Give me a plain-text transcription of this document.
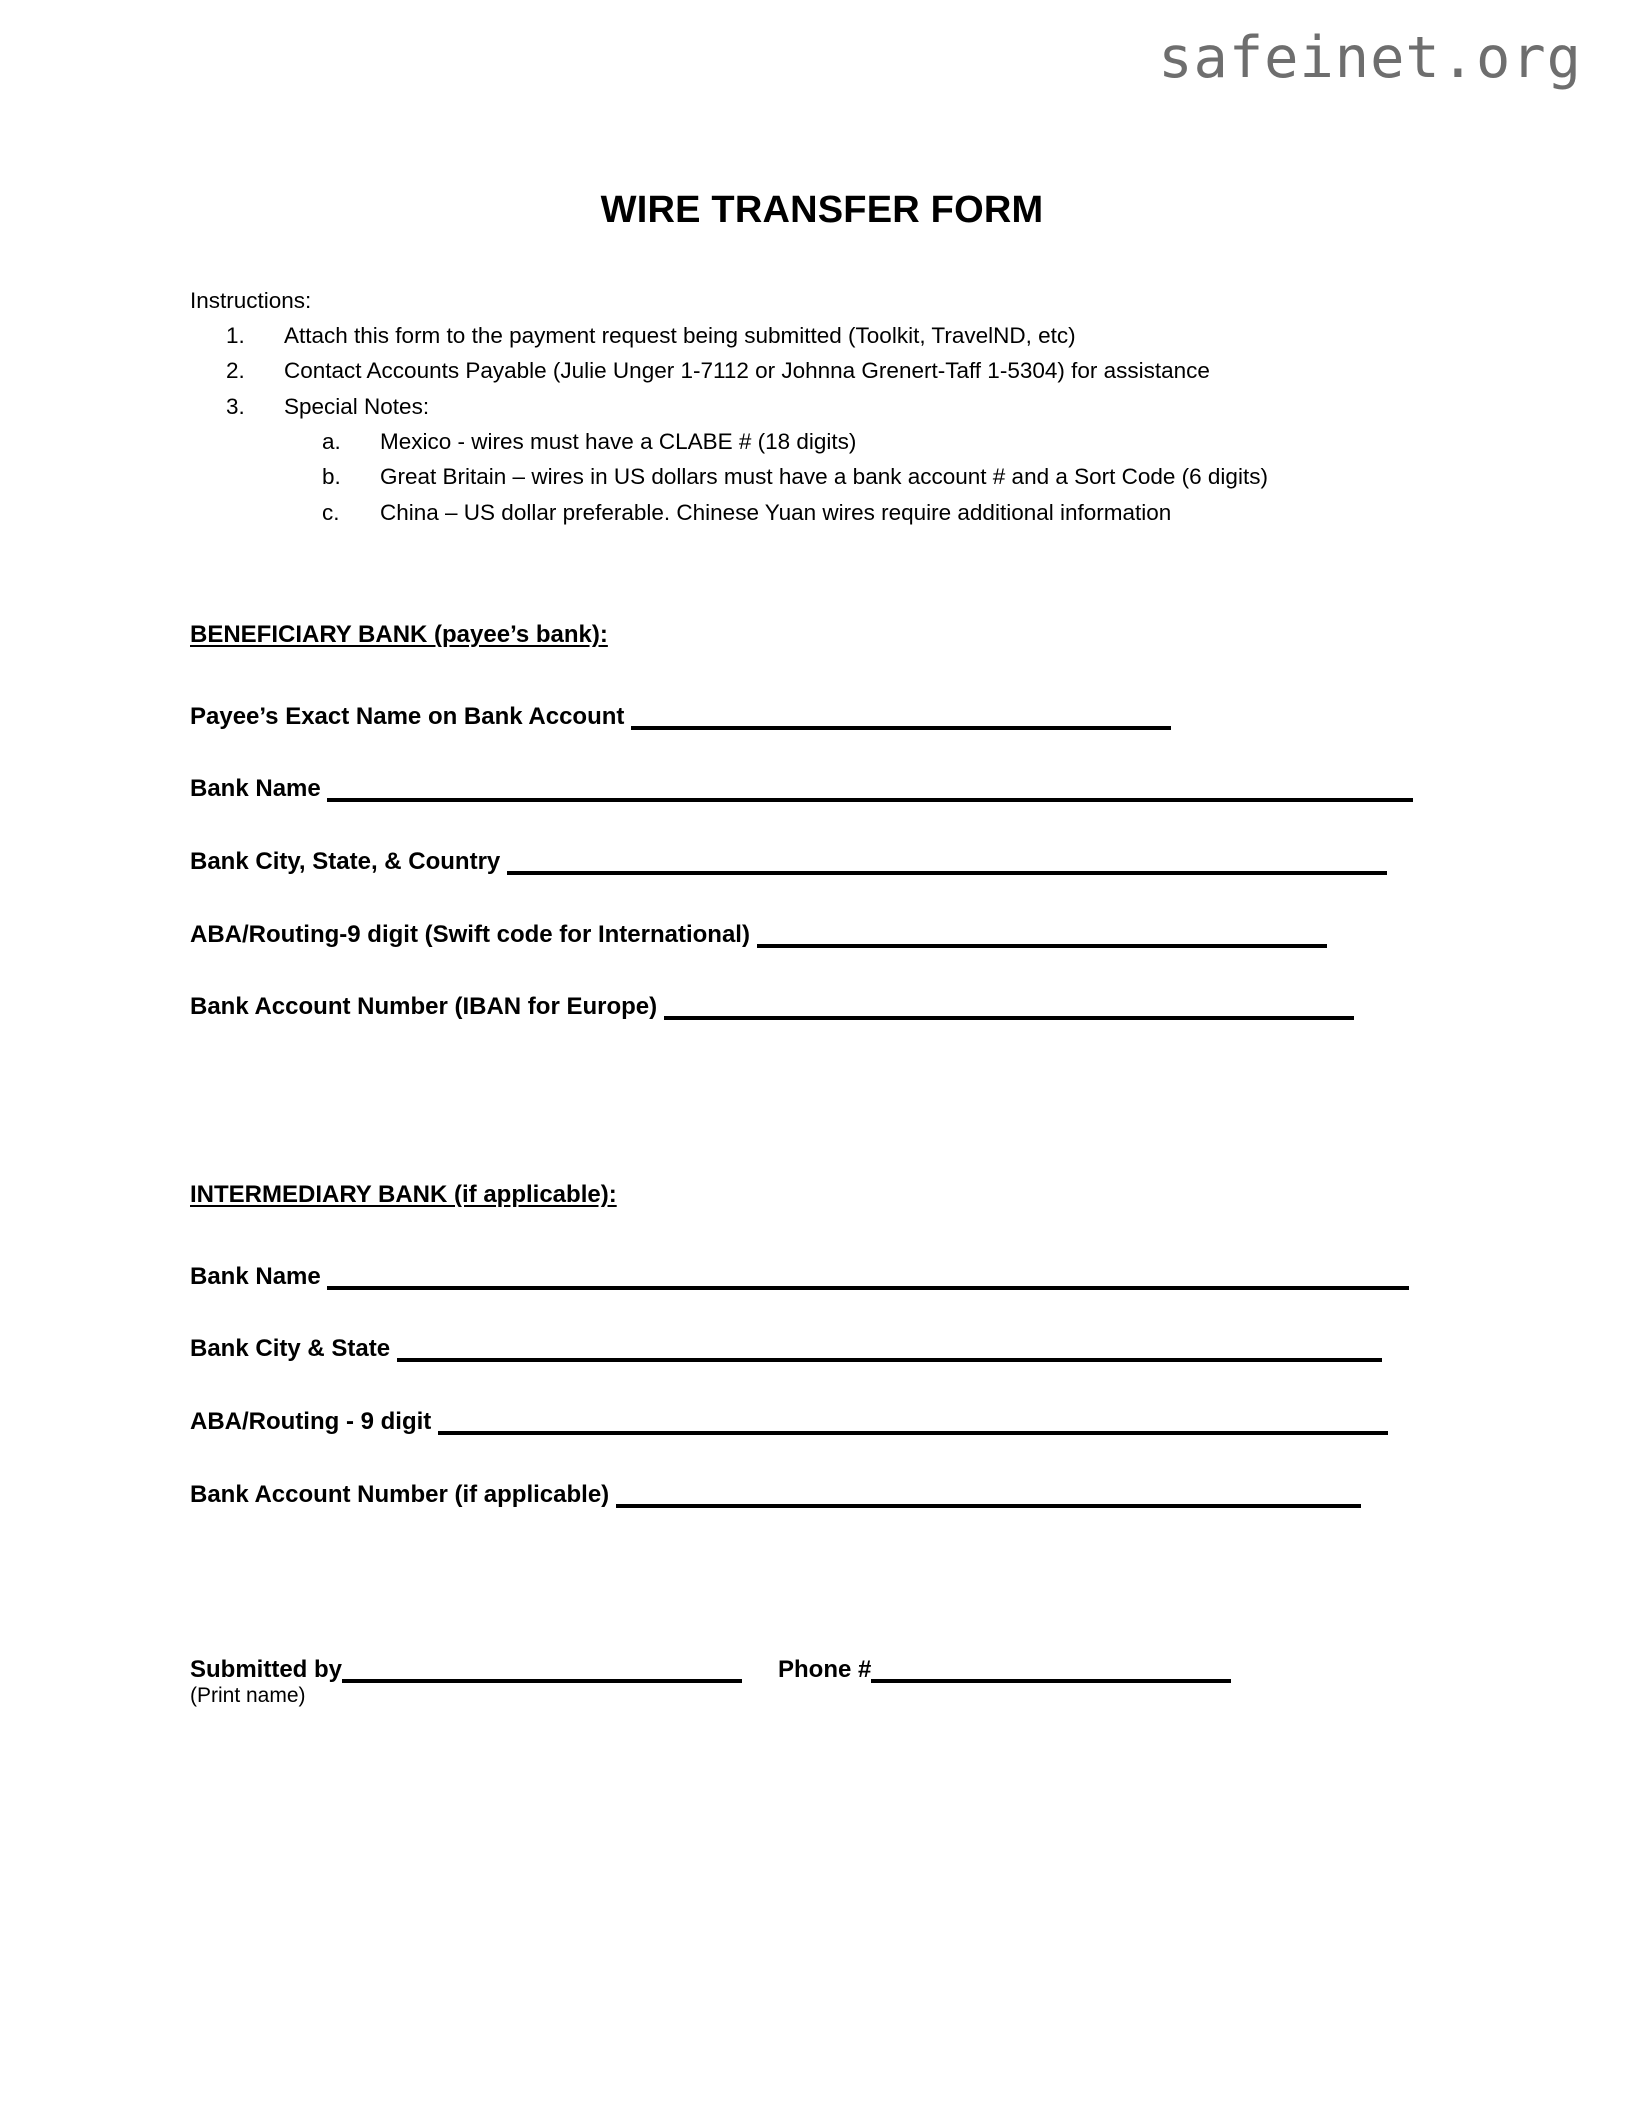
safeinet.org
WIRE TRANSFER FORM
Instructions:
1.	Attach this form to the payment request being submitted (Toolkit, TravelND, etc)
2.	Contact Accounts Payable (Julie Unger 1-7112 or Johnna Grenert-Taff 1-5304) for assistance
3.	Special Notes:
a.	Mexico - wires must have a CLABE # (18 digits)
b.	Great Britain – wires in US dollars must have a bank account # and a Sort Code (6 digits)
c.	China – US dollar preferable. Chinese Yuan wires require additional information
BENEFICIARY BANK (payee’s bank):
Payee’s Exact Name on Bank Account
Bank Name
Bank City, State, & Country
ABA/Routing-9 digit (Swift code for International)
Bank Account Number (IBAN for Europe)
INTERMEDIARY BANK (if applicable):
Bank Name
Bank City & State
ABA/Routing - 9 digit
Bank Account Number (if applicable)
Submitted by	Phone #
(Print name)
